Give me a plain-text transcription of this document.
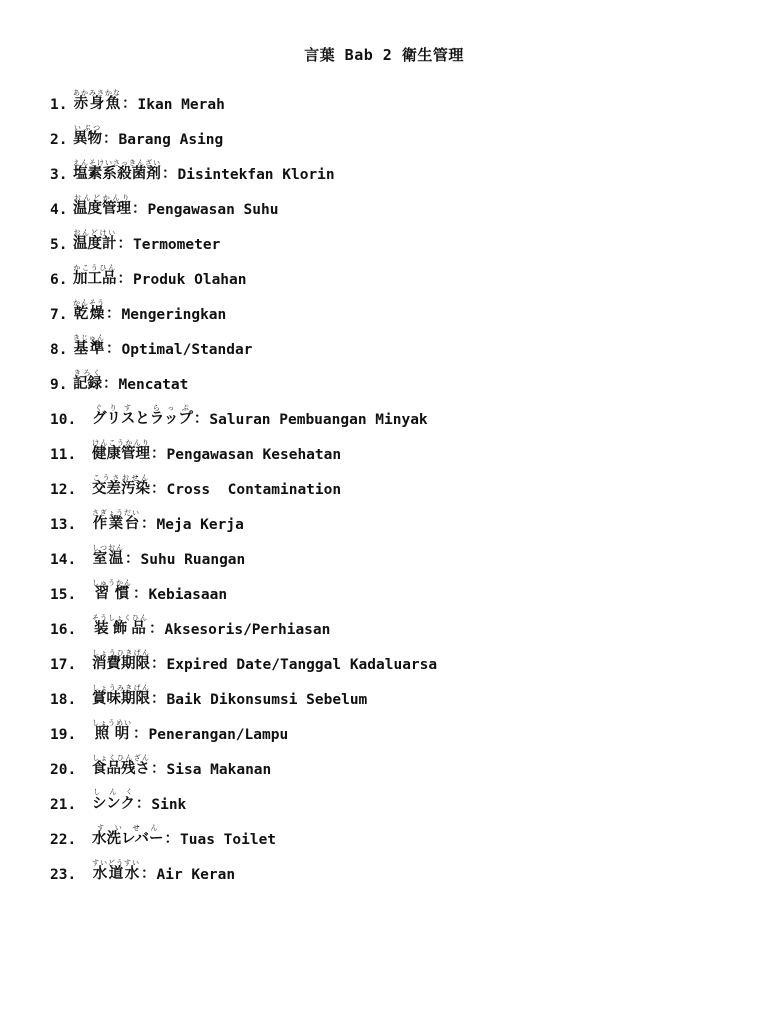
言葉 Bab 2 衛生管理
1. 赤身魚あかみさかな
： Ikan Merah
2. 異物いぶつ
： Barang Asing
3. 塩素系殺菌剤えんそけいさっきんざい
： Disintekfan Klorin
4. 温度管理おんどかんり
： Pengawasan Suhu
5. 温度計おんどけい
： Termometer
6. 加工品かこうひん
： Produk Olahan
7. 乾燥かんそう
： Mengeringkan
8. 基準きじゅん
： Optimal/Standar
9. 記録きろく
： Mencatat
10.	グリスとラップぐりす　らっぷ
： Saluran Pembuangan Minyak
11.	健康管理けんこうかんり
： Pengawasan Kesehatan
12.	交差汚染こうさおせん
： Cross  Contamination
13.	作業台さぎょうだい
： Meja Kerja
14.	室温しつおん
： Suhu Ruangan
15.	習慣しゅうかん
： Kebiasaan
16.	装飾品そうしょくひん
： Aksesoris/Perhiasan
17.	消費期限しょうひきげん
： Expired Date/Tanggal Kadaluarsa
18.	賞味期限しょうみきげん
： Baik Dikonsumsi Sebelum
19.	照明しょうめい
： Penerangan/Lampu
20.	食品残さしょくひんざん
： Sisa Makanan
21.	シンクし ん く
： Sink
22.	水洗レバーすいせん
： Tuas Toilet
23.	水道水すいどうすい
： Air Keran
